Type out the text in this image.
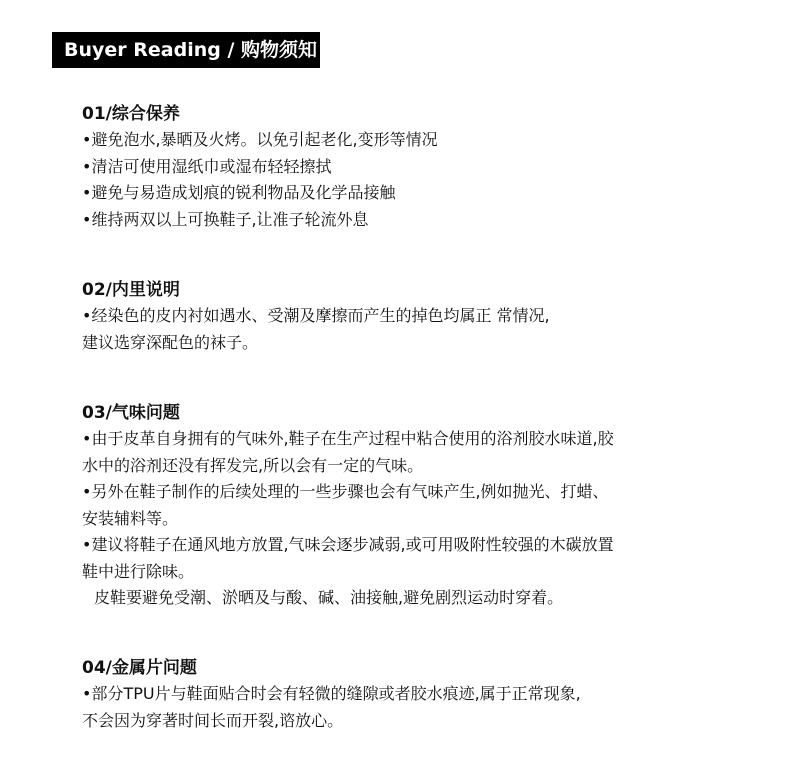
Buyer Reading / 购物须知

01/综合保养

•避免泡水,暴晒及火烤。以免引起老化,变形等情况

•清洁可使用湿纸巾或湿布轻轻擦拭

•避免与易造成划痕的锐利物品及化学品接触

•维持两双以上可换鞋子,让准子轮流外息

02/内里说明

•经染色的皮内衬如遇水、受潮及摩擦而产生的掉色均属正 常情况,

建议选穿深配色的袜子。

03/气味问题

•由于皮革自身拥有的气味外,鞋子在生产过程中粘合使用的浴剂胶水味道,胶

水中的浴剂还没有挥发完,所以会有一定的气味。

•另外在鞋子制作的后续处理的一些步骤也会有气味产生,例如抛光、打蜡、

安装辅料等。

•建议将鞋子在通风地方放置,气味会逐步减弱,或可用吸附性较强的木碳放置

鞋中进行除味。

皮鞋要避免受潮、淤晒及与酸、碱、油接触,避免剧烈运动时穿着。

04/金属片问题

•部分TPU片与鞋面贴合时会有轻微的缝隙或者胶水痕迹,属于正常现象,

不会因为穿著时间长而开裂,谘放心。
